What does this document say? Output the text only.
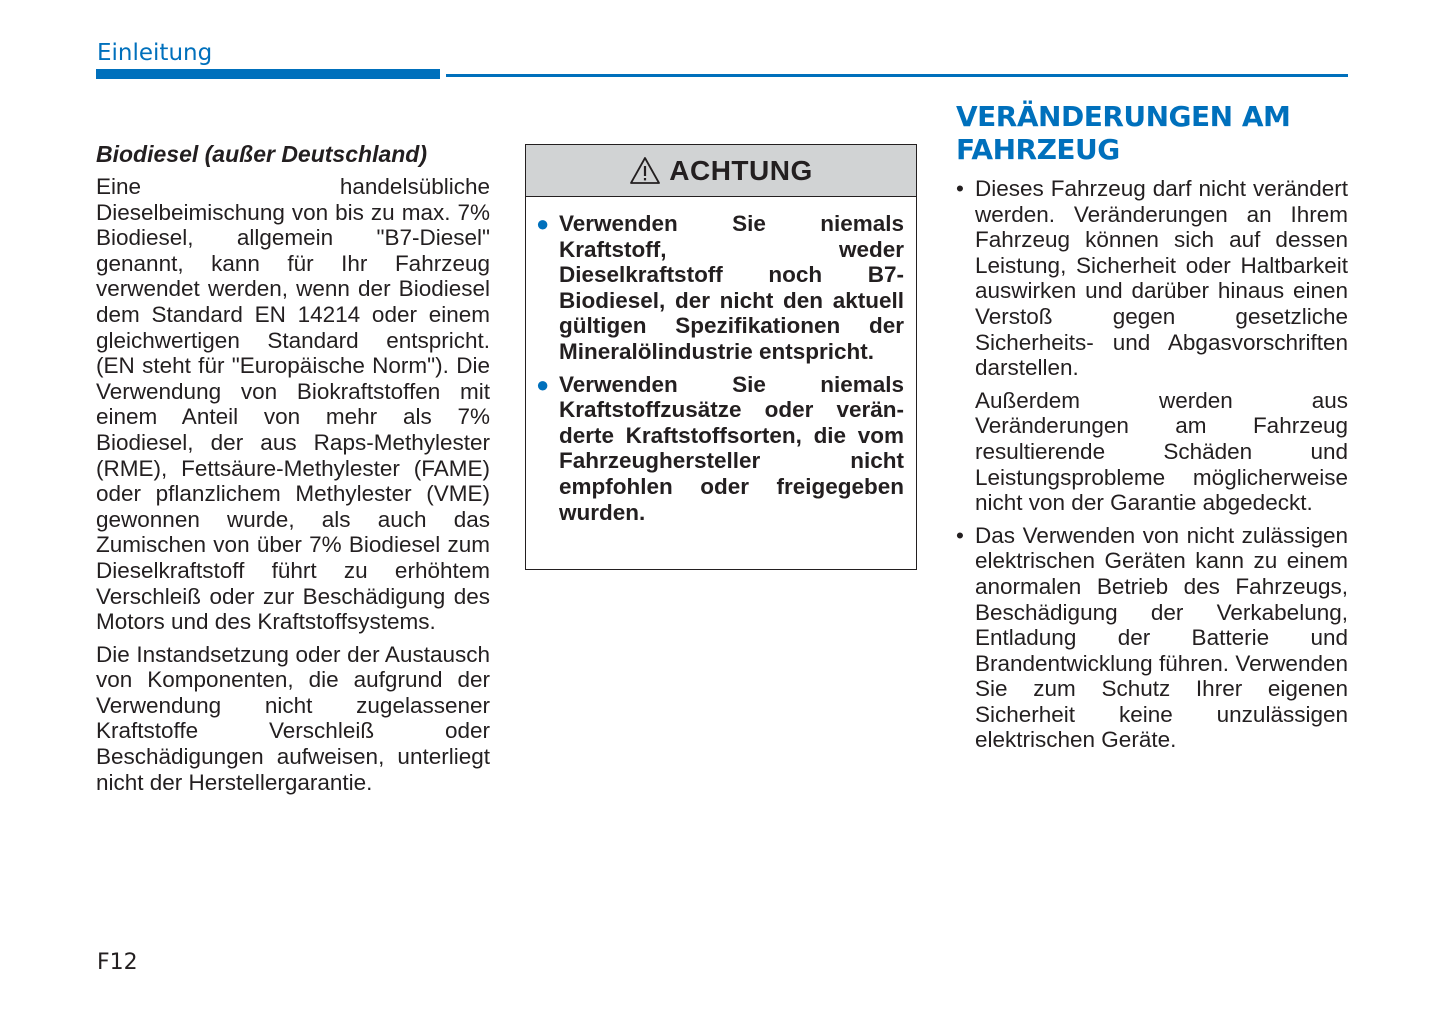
Einleitung
Biodiesel (außer Deutschland)

Eine handelsübliche Dieselbeimischung von bis zu max. 7% Biodiesel, allgemein "B7-Diesel" genannt, kann für Ihr Fahrzeug verwendet werden, wenn der Biodiesel dem Standard EN 14214 oder einem gleichwertigen Standard entspricht. (EN steht für "Europäische Norm"). Die Verwendung von Biokraftstoffen mit einem Anteil von mehr als 7% Biodiesel, der aus Raps-Methylester (RME), Fettsäure-Methylester (FAME) oder pflanzlichem Methylester (VME) gewonnen wurde, als auch das Zumischen von über 7% Biodiesel zum Dieselkraftstoff führt zu erhöhtem Verschleiß oder zur Beschädigung des Motors und des Kraftstoffsystems.

Die Instandsetzung oder der Austausch von Komponenten, die aufgrund der Verwendung nicht zugelassener Kraftstoffe Verschleiß oder Beschädigungen aufweisen, unterliegt nicht der Herstellergarantie.

ACHTUNG
● Verwenden Sie niemals Kraftstoff, weder Dieselkraftstoff noch B7-Biodiesel, der nicht den aktuell gültigen Spezifikationen der Mineralölindustrie entspricht.
● Verwenden Sie niemals Kraftstoffzusätze oder veränderte Kraftstoffsorten, die vom Fahrzeughersteller nicht empfohlen oder freigegeben wurden.
VERÄNDERUNGEN AM FAHRZEUG
• Dieses Fahrzeug darf nicht verändert werden. Veränderungen an Ihrem Fahrzeug können sich auf dessen Leistung, Sicherheit oder Haltbarkeit auswirken und darüber hinaus einen Verstoß gegen gesetzliche Sicherheits- und Abgasvorschriften darstellen.

Außerdem werden aus Veränderungen am Fahrzeug resultierende Schäden und Leistungsprobleme möglicherweise nicht von der Garantie abgedeckt.

• Das Verwenden von nicht zulässigen elektrischen Geräten kann zu einem anormalen Betrieb des Fahrzeugs, Beschädigung der Verkabelung, Entladung der Batterie und Brandentwicklung führen. Verwenden Sie zum Schutz Ihrer eigenen Sicherheit keine unzulässigen elektrischen Geräte.

F12
